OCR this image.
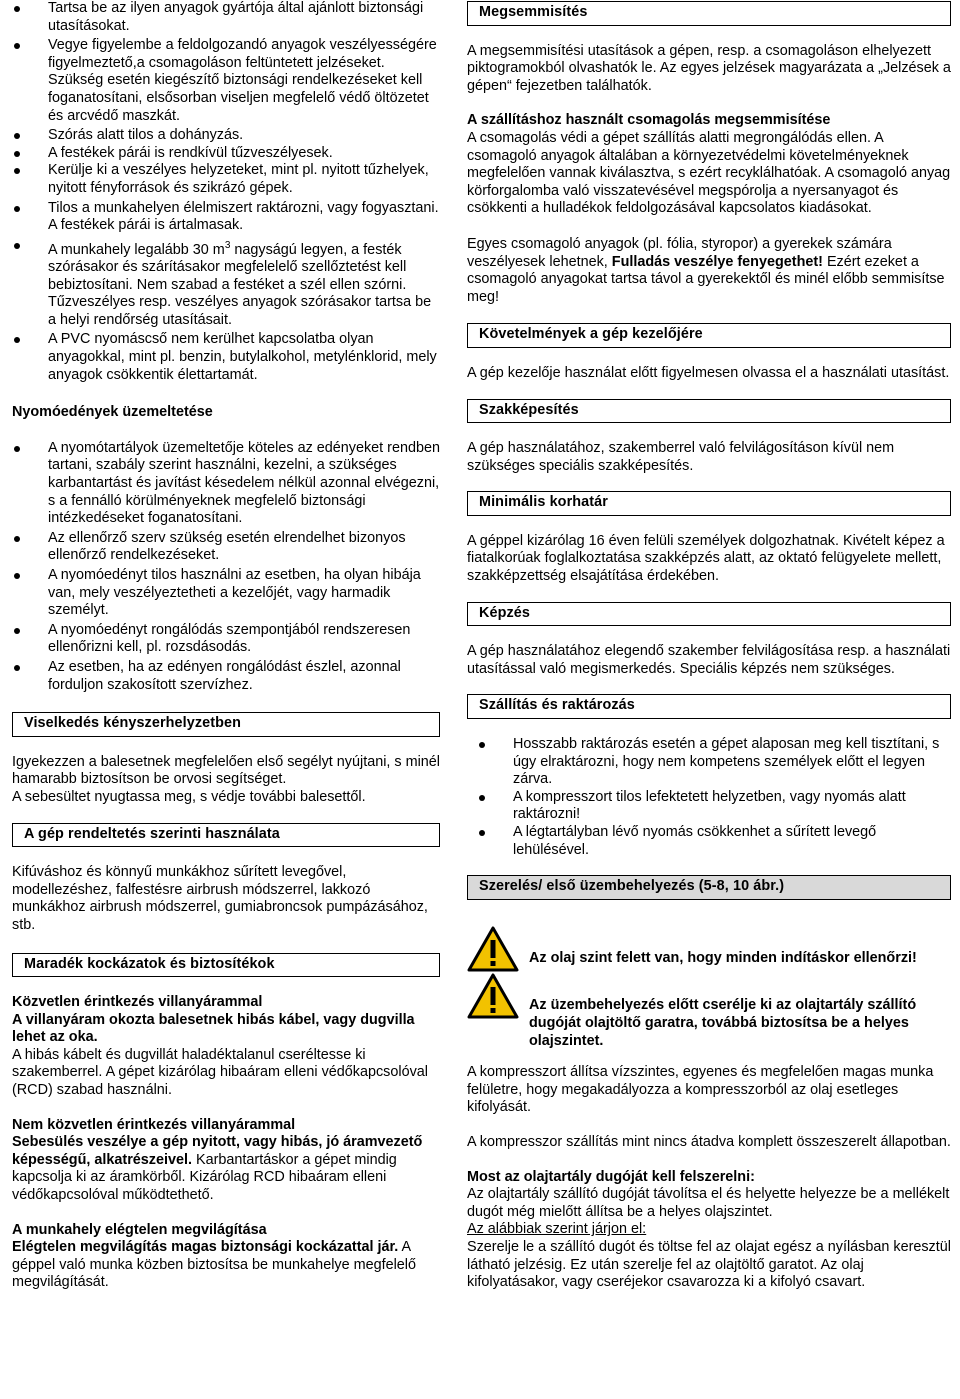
Tartsa be az ilyen anyagok gyártója által ajánlott biztonsági utasításokat.
Vegye figyelembe a feldolgozandó anyagok veszélyességére figyelmeztető,a csomagoláson feltüntetett jelzéseket. Szükség esetén kiegészítő biztonsági rendelkezéseket kell foganatosítani, elsősorban viseljen megfelelő védő öltözetet és arcvédő maszkát.
Szórás alatt tilos a dohányzás.
A festékek párái is rendkívül tűzveszélyesek.
Kerülje ki a veszélyes helyzeteket, mint pl. nyitott tűzhelyek, nyitott fényforrások és szikrázó gépek.
Tilos a munkahelyen élelmiszert raktározni, vagy fogyasztani. A festékek párái is ártalmasak.
A munkahely legalább 30 $m^3$ nagyságú legyen, a festék szórásakor és szárításakor megfelelelő szellőztetést kell bebiztosítani. Nem szabad a festéket a szél ellen szórni. Tűzveszélyes resp. veszélyes anyagok szórásakor tartsa be a helyi rendőrség utasításait.
A PVC nyomáscső nem kerülhet kapcsolatba olyan anyagokkal, mint pl. benzin, butylalkohol, metylénklorid, mely anyagok csökkentik élettartamát.
Nyomóedények üzemeltetése
A nyomótartályok üzemeltetője köteles az edényeket rendben tartani, szabály szerint használni, kezelni, a szükséges karbantartást és javítást késedelem nélkül azonnal elvégezni, s a fennálló körülményeknek megfelelő biztonsági intézkedéseket foganatosítani.
Az ellenőrző szerv szükség esetén elrendelhet bizonyos ellenőrző rendelkezéseket.
A nyomóedényt tilos használni az esetben, ha olyan hibája van, mely veszélyeztetheti a kezelőjét, vagy harmadik személyt.
A nyomóedényt rongálódás szempontjából rendszeresen ellenőrizni kell, pl. rozsdásodás.
Az esetben, ha az edényen rongálódást észlel, azonnal forduljon szakosított szervízhez.
Viselkedés kényszerhelyzetben

Igyekezzen a balesetnek megfelelően első segélyt nyújtani, s minél hamarabb biztosítson be orvosi segítséget.

A sebesültet nyugtassa meg, s védje további balesettől.

A gép rendeltetés szerinti használata

Kifúváshoz és könnyű munkákhoz sűrített levegővel, modellezéshez, falfestésre airbrush módszerrel, lakkozó munkákhoz airbrush módszerrel, gumiabroncsok pumpázásához, stb.

Maradék kockázatok és biztosítékok

Közvetlen érintkezés villanyárammal

A villanyáram okozta balesetnek hibás kábel, vagy dugvilla lehet az oka.

A hibás kábelt és dugvillát haladéktalanul cseréltesse ki szakemberrel. A gépet kizárólag hibaáram elleni védőkapcsolóval (RCD) szabad használni.

Nem közvetlen érintkezés villanyárammal

Sebesülés veszélye a gép nyitott, vagy hibás, jó áramvezető képességű, alkatrészeivel. Karbantartáskor a gépet mindig kapcsolja ki az áramkörből. Kizárólag RCD hibaáram elleni védőkapcsolóval működtethető.

A munkahely elégtelen megvilágítása

Elégtelen megvilágítás magas biztonsági kockázattal jár. A géppel való munka közben biztosítsa be munkahelye megfelelő megvilágítását.

Megsemmisítés

A megsemmisítési utasítások a gépen, resp. a csomagoláson elhelyezett piktogramokból olvashatók le. Az egyes jelzések magyarázata a „Jelzések a gépen“ fejezetben találhatók.

A szállításhoz használt csomagolás megsemmisítése

A csomagolás védi a gépet szállítás alatti megrongálódás ellen. A csomagoló anyagok általában a környezetvédelmi követelményeknek megfelelően vannak kiválasztva, s ezért recyklálhatóak. A csomagoló anyag körforgalomba való visszatevésével megspórolja a nyersanyagot és csökkenti a hulladékok feldolgozásával kapcsolatos kiadásokat.

Egyes csomagoló anyagok (pl. fólia, styropor) a gyerekek számára veszélyesek lehetnek, Fulladás veszélye fenyegethet! Ezért ezeket a csomagoló anyagokat tartsa távol a gyerekektől és minél előbb semmisítse meg!

Követelmények a gép kezelőjére

A gép kezelője használat előtt figyelmesen olvassa el a használati utasítást.

Szakképesítés

A gép használatához, szakemberrel való felvilágosításon kívül nem szükséges speciális szakképesítés.

Minimális korhatár

A géppel kizárólag 16 éven felüli személyek dolgozhatnak. Kivételt képez a fiatalkorúak foglalkoztatása szakképzés alatt, az oktató felügyelete mellett, szakképzettség elsajátítása érdekében.

Képzés

A gép használatához elegendő szakember felvilágosítása resp. a használati utasítással való megismerkedés. Speciális képzés nem szükséges.

Szállítás és raktározás
Hosszabb raktározás esetén a gépet alaposan meg kell tisztítani, s úgy elraktározni, hogy nem kompetens személyek előtt el legyen zárva.
A kompresszort tilos lefektetett helyzetben, vagy nyomás alatt raktározni!
A légtartályban lévő nyomás csökkenhet a sűrített levegő lehülésével.
Szerelés/ első üzembehelyezés (5-8, 10 ábr.)
Az olaj szint felett van, hogy minden indításkor ellenőrzi!
Az üzembehelyezés előtt cserélje ki az olajtartály szállító dugóját olajtöltő garatra, továbbá biztosítsa be a helyes olajszintet.

A kompresszort állítsa vízszintes, egyenes és megfelelően magas munka felületre, hogy megakadályozza a kompresszorból az olaj esetleges kifolyását.

A kompresszor szállítás mint nincs átadva komplett összeszerelt állapotban.

Most az olajtartály dugóját kell felszerelni:

Az olajtartály szállító dugóját távolítsa el és helyette helyezze be a mellékelt dugót még mielőtt állítsa be a helyes olajszintet.

Az alábbiak szerint járjon el:

Szerelje le a szállító dugót és töltse fel az olajat egész a nyílásban keresztül látható jelzésig. Ez után szerelje fel az olajtöltő garatot. Az olaj kifolyatásakor, vagy cseréjekor csavarozza ki a kifolyó csavart.
